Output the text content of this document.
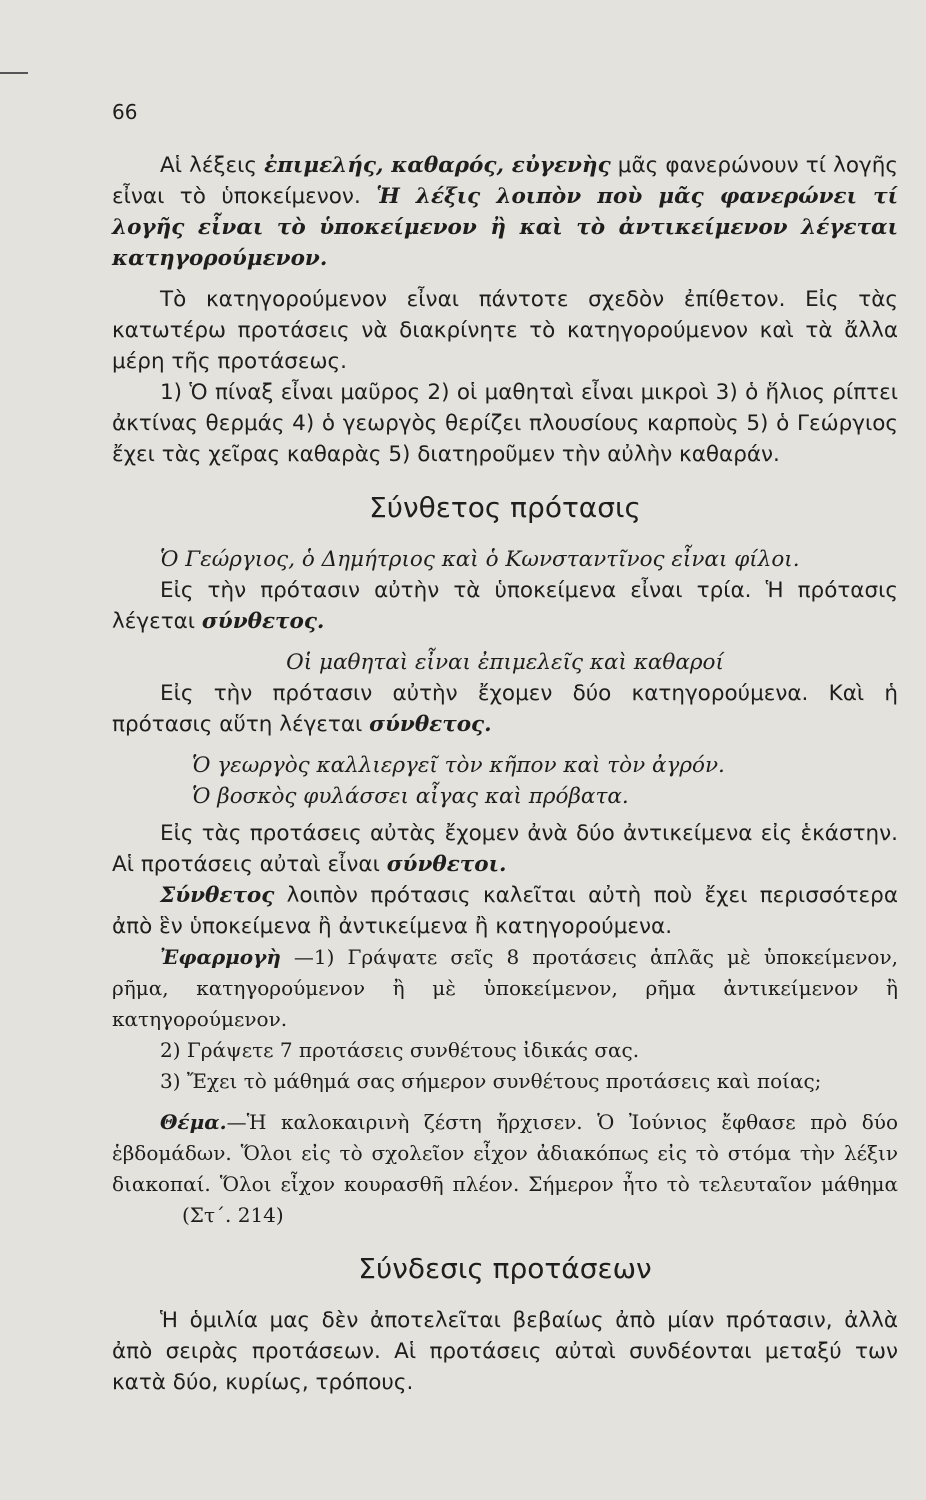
66

Αἱ λέξεις ἐπιμελής, καθαρός, εὐγενὴς μᾶς φανερώνουν τί λογῆς εἶναι τὸ ὑποκείμενον. Ἡ λέξις λοιπὸν ποὺ μᾶς φανερώνει τί λογῆς εἶναι τὸ ὑποκείμενον ἢ καὶ τὸ ἀντικείμενον λέγεται κατηγορούμενον.

Τὸ κατηγορούμενον εἶναι πάντοτε σχεδὸν ἐπίθετον. Εἰς τὰς κατωτέρω προτάσεις νὰ διακρίνητε τὸ κατηγορούμενον καὶ τὰ ἄλλα μέρη τῆς προτάσεως.

1) Ὁ πίναξ εἶναι μαῦρος 2) οἱ μαθηταὶ εἶναι μικροὶ 3) ὁ ἥλιος ρίπτει ἀκτίνας θερμάς 4) ὁ γεωργὸς θερίζει πλουσίους καρποὺς 5) ὁ Γεώργιος ἔχει τὰς χεῖρας καθαρὰς 5) διατηροῦμεν τὴν αὐλὴν καθαράν.

Σύνθετος πρότασις

Ὁ Γεώργιος, ὁ Δημήτριος καὶ ὁ Κωνσταντῖνος εἶναι φίλοι.

Εἰς τὴν πρότασιν αὐτὴν τὰ ὑποκείμενα εἶναι τρία. Ἡ πρότασις λέγεται σύνθετος.

Οἱ μαθηταὶ εἶναι ἐπιμελεῖς καὶ καθαροί

Εἰς τὴν πρότασιν αὐτὴν ἔχομεν δύο κατηγορούμενα. Καὶ ἡ πρότασις αὕτη λέγεται σύνθετος.

Ὁ γεωργὸς καλλιεργεῖ τὸν κῆπον καὶ τὸν ἀγρόν.

Ὁ βοσκὸς φυλάσσει αἶγας καὶ πρόβατα.

Εἰς τὰς προτάσεις αὐτὰς ἔχομεν ἀνὰ δύο ἀντικείμενα εἰς ἑκάστην. Αἱ προτάσεις αὐταὶ εἶναι σύνθετοι.

Σύνθετος λοιπὸν πρότασις καλεῖται αὐτὴ ποὺ ἔχει περισσότερα ἀπὸ ἓν ὑποκείμενα ἢ ἀντικείμενα ἢ κατηγορούμενα.

Ἐφαρμογὴ —1) Γράψατε σεῖς 8 προτάσεις ἁπλᾶς μὲ ὑποκείμενον, ρῆμα, κατηγορούμενον ἢ μὲ ὑποκείμενον, ρῆμα ἀντικείμενον ἢ κατηγορούμενον.

2) Γράψετε 7 προτάσεις συνθέτους ἰδικάς σας.

3) Ἔχει τὸ μάθημά σας σήμερον συνθέτους προτάσεις καὶ ποίας;

Θέμα.—Ἡ καλοκαιρινὴ ζέστη ἤρχισεν. Ὁ Ἰούνιος ἔφθασε πρὸ δύο ἑβδομάδων. Ὅλοι εἰς τὸ σχολεῖον εἶχον ἀδιακόπως εἰς τὸ στόμα τὴν λέξιν διακοπαί. Ὅλοι εἶχον κουρασθῆ πλέον. Σήμερον ἦτο τὸ τελευταῖον μάθημα(Στ΄. 214)

Σύνδεσις προτάσεων

Ἡ ὁμιλία μας δὲν ἀποτελεῖται βεβαίως ἀπὸ μίαν πρότασιν, ἀλλὰ ἀπὸ σειρὰς προτάσεων. Αἱ προτάσεις αὐταὶ συνδέονται μεταξύ των κατὰ δύο, κυρίως, τρόπους.
